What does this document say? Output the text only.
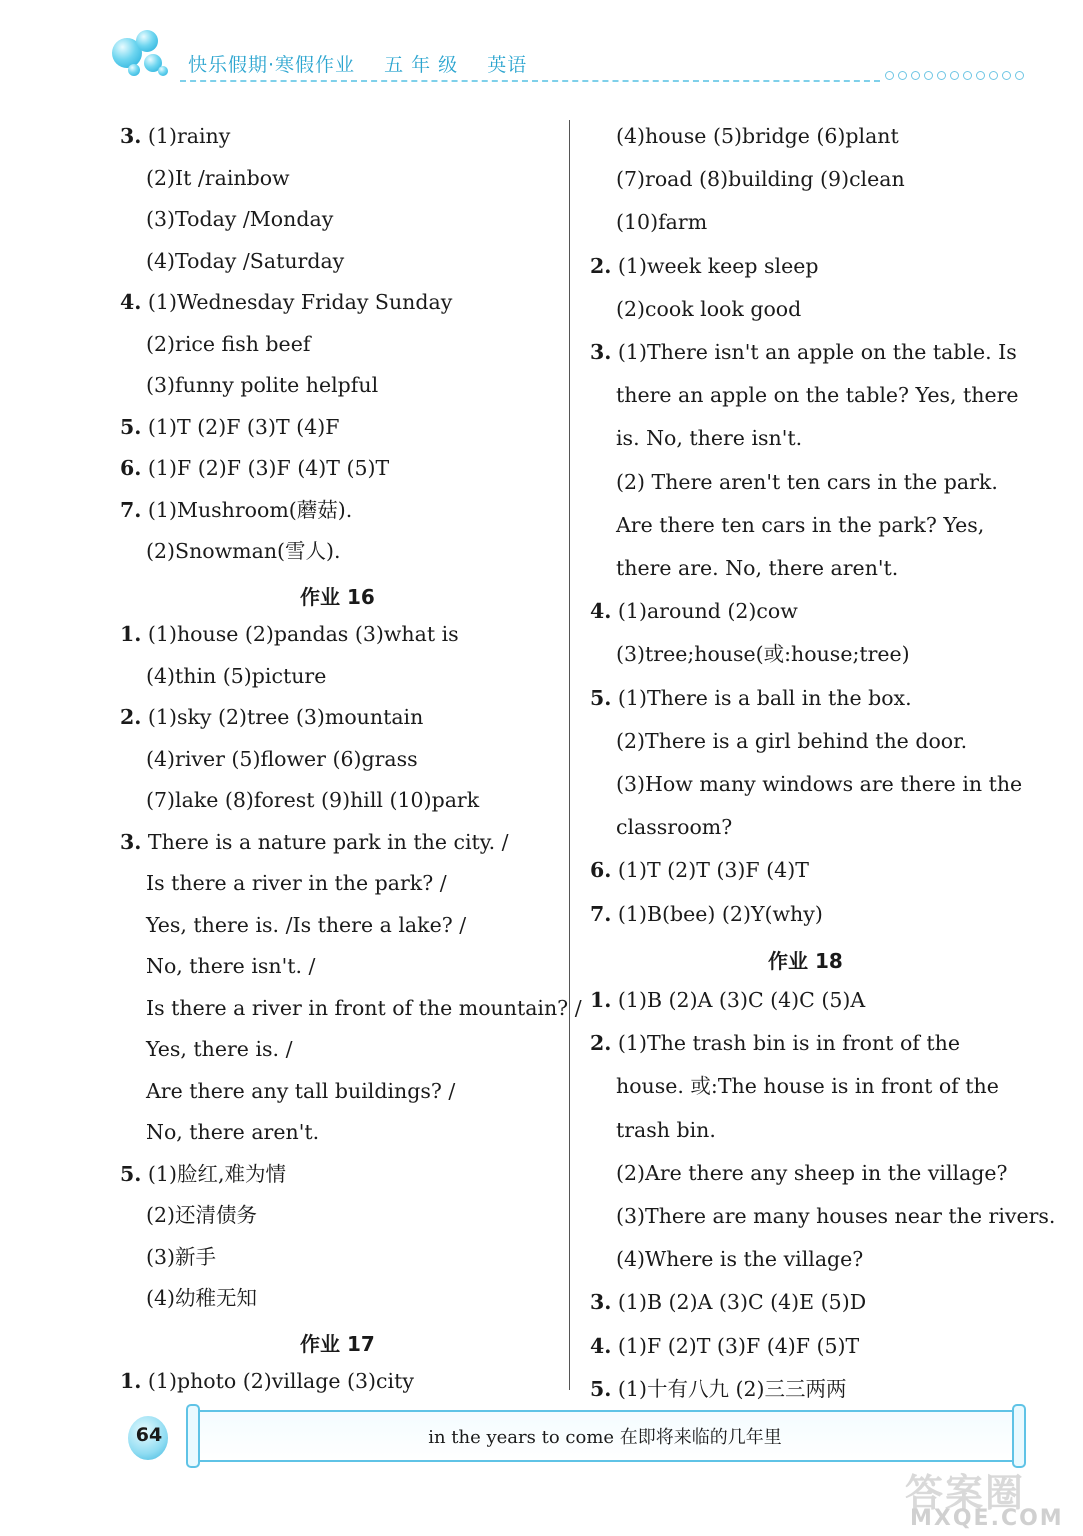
快乐假期·寒假作业 五 年 级 英语
3. (1)rainy
(2)It /rainbow
(3)Today /Monday
(4)Today /Saturday
4. (1)Wednesday Friday Sunday
(2)rice fish beef
(3)funny polite helpful
5. (1)T (2)F (3)T (4)F
6. (1)F (2)F (3)F (4)T (5)T
7. (1)Mushroom(蘑菇).
(2)Snowman(雪人).
作业 16
1. (1)house (2)pandas (3)what is
(4)thin (5)picture
2. (1)sky (2)tree (3)mountain
(4)river (5)flower (6)grass
(7)lake (8)forest (9)hill (10)park
3. There is a nature park in the city. /
Is there a river in the park? /
Yes, there is. /Is there a lake? /
No, there isn't. /
Is there a river in front of the mountain? /
Yes, there is. /
Are there any tall buildings? /
No, there aren't.
5. (1)脸红,难为情
(2)还清债务
(3)新手
(4)幼稚无知
作业 17
1. (1)photo (2)village (3)city
(4)house (5)bridge (6)plant
(7)road (8)building (9)clean
(10)farm
2. (1)week keep sleep
(2)cook look good
3. (1)There isn't an apple on the table. Is
there an apple on the table? Yes, there
is. No, there isn't.
(2) There aren't ten cars in the park.
Are there ten cars in the park? Yes,
there are. No, there aren't.
4. (1)around (2)cow
(3)tree;house(或:house;tree)
5. (1)There is a ball in the box.
(2)There is a girl behind the door.
(3)How many windows are there in the
classroom?
6. (1)T (2)T (3)F (4)T
7. (1)B(bee) (2)Y(why)
作业 18
1. (1)B (2)A (3)C (4)C (5)A
2. (1)The trash bin is in front of the
house. 或:The house is in front of the
trash bin.
(2)Are there any sheep in the village?
(3)There are many houses near the rivers.
(4)Where is the village?
3. (1)B (2)A (3)C (4)E (5)D
4. (1)F (2)T (3)F (4)F (5)T
5. (1)十有八九 (2)三三两两
64	in the years to come 在即将来临的几年里
答案圈
MXQE.COM
